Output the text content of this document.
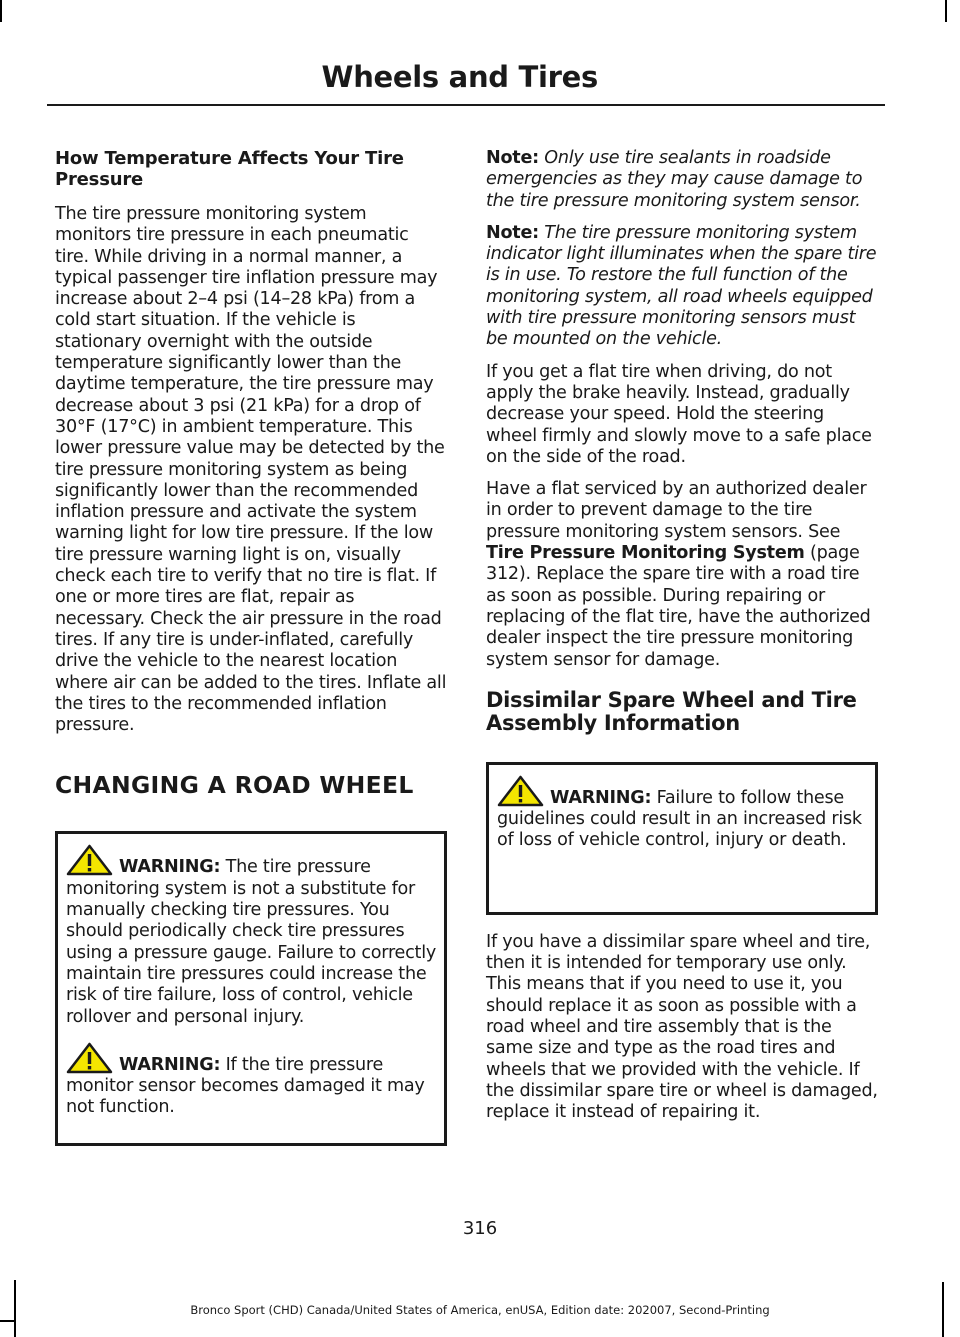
Wheels and Tires

How Temperature Affects Your Tire Pressure

The tire pressure monitoring system monitors tire pressure in each pneumatic tire. While driving in a normal manner, a typical passenger tire inflation pressure may increase about 2–4 psi (14–28 kPa) from a cold start situation. If the vehicle is stationary overnight with the outside temperature significantly lower than the daytime temperature, the tire pressure may decrease about 3 psi (21 kPa) for a drop of 30°F (17°C) in ambient temperature. This lower pressure value may be detected by the tire pressure monitoring system as being significantly lower than the recommended inflation pressure and activate the system warning light for low tire pressure. If the low tire pressure warning light is on, visually check each tire to verify that no tire is flat. If one or more tires are flat, repair as necessary. Check the air pressure in the road tires. If any tire is under-inflated, carefully drive the vehicle to the nearest location where air can be added to the tires. Inflate all the tires to the recommended inflation pressure.

CHANGING A ROAD WHEEL

WARNING: The tire pressure monitoring system is not a substitute for manually checking tire pressures. You should periodically check tire pressures using a pressure gauge. Failure to correctly maintain tire pressures could increase the risk of tire failure, loss of control, vehicle rollover and personal injury.

WARNING: If the tire pressure monitor sensor becomes damaged it may not function.

Note: Only use tire sealants in roadside emergencies as they may cause damage to the tire pressure monitoring system sensor.

Note: The tire pressure monitoring system indicator light illuminates when the spare tire is in use. To restore the full function of the monitoring system, all road wheels equipped with tire pressure monitoring sensors must be mounted on the vehicle.

If you get a flat tire when driving, do not apply the brake heavily. Instead, gradually decrease your speed. Hold the steering wheel firmly and slowly move to a safe place on the side of the road.

Have a flat serviced by an authorized dealer in order to prevent damage to the tire pressure monitoring system sensors. See Tire Pressure Monitoring System (page 312). Replace the spare tire with a road tire as soon as possible. During repairing or replacing of the flat tire, have the authorized dealer inspect the tire pressure monitoring system sensor for damage.

Dissimilar Spare Wheel and Tire Assembly Information

WARNING: Failure to follow these guidelines could result in an increased risk of loss of vehicle control, injury or death.

If you have a dissimilar spare wheel and tire, then it is intended for temporary use only. This means that if you need to use it, you should replace it as soon as possible with a road wheel and tire assembly that is the same size and type as the road tires and wheels that we provided with the vehicle. If the dissimilar spare tire or wheel is damaged, replace it instead of repairing it.

316
Bronco Sport (CHD) Canada/United States of America, enUSA, Edition date: 202007, Second-Printing
